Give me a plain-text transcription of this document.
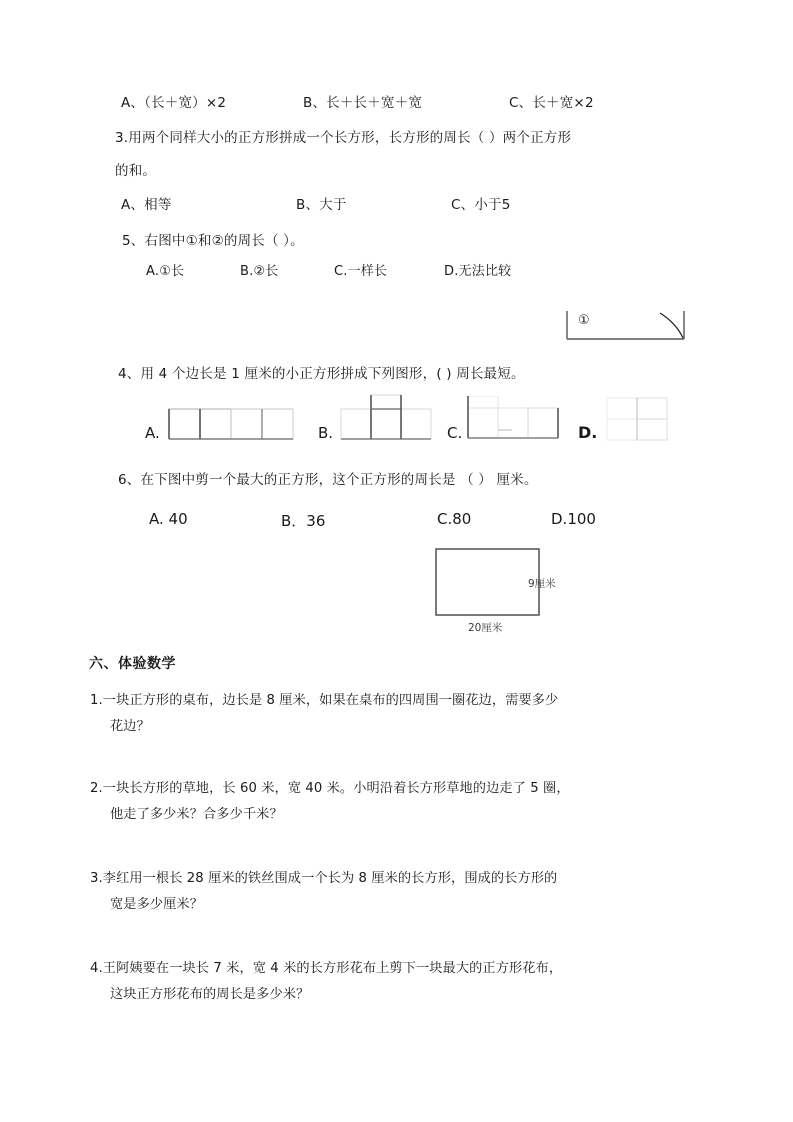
A、（长＋宽）×2	B、长＋长＋宽＋宽	C、长＋宽×2
3.用两个同样大小的正方形拼成一个长方形，长方形的周长（ ）两个正方形
的和。
A、相等	B、大于	C、小于5
5、右图中①和②的周长（ ）。
A.①长	B.②长	C.一样长	D.无法比较
①
4、用 4 个边长是 1 厘米的小正方形拼成下列图形，( ) 周长最短。
A.	B.	C.	D.
6、在下图中剪一个最大的正方形，这个正方形的周长是 （ ） 厘米。
A. 40	B．36	C.80	D.100
9厘米
20厘米
六、体验数学
1.一块正方形的桌布，边长是 8 厘米，如果在桌布的四周围一圈花边，需要多少
花边？
2.一块长方形的草地，长 60 米，宽 40 米。小明沿着长方形草地的边走了 5 圈，
他走了多少米？合多少千米？
3.李红用一根长 28 厘米的铁丝围成一个长为 8 厘米的长方形，围成的长方形的
宽是多少厘米？
4.王阿姨要在一块长 7 米，宽 4 米的长方形花布上剪下一块最大的正方形花布，
这块正方形花布的周长是多少米？
